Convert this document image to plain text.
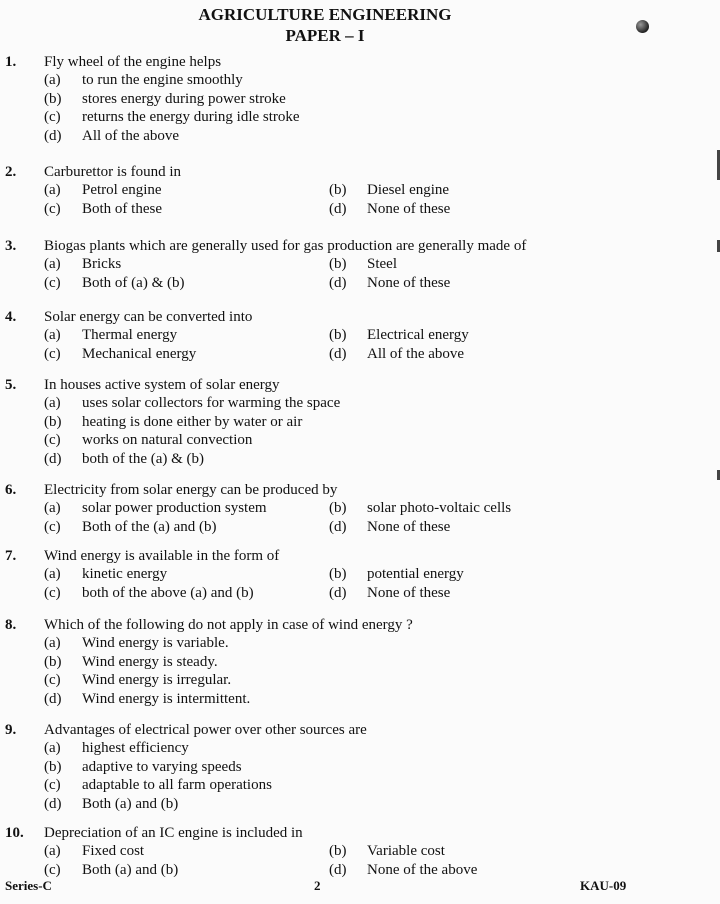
AGRICULTURE ENGINEERING
PAPER – I
1. Fly wheel of the engine helps
(a) to run the engine smoothly
(b) stores energy during power stroke
(c) returns the energy during idle stroke
(d) All of the above
2. Carburettor is found in
(a) Petrol engine	(b) Diesel engine
(c) Both of these	(d) None of these
3. Biogas plants which are generally used for gas production are generally made of
(a) Bricks	(b) Steel
(c) Both of (a) & (b)	(d) None of these
4. Solar energy can be converted into
(a) Thermal energy	(b) Electrical energy
(c) Mechanical energy	(d) All of the above
5. In houses active system of solar energy
(a) uses solar collectors for warming the space
(b) heating is done either by water or air
(c) works on natural convection
(d) both of the (a) & (b)
6. Electricity from solar energy can be produced by
(a) solar power production system	(b) solar photo-voltaic cells
(c) Both of the (a) and (b)	(d) None of these
7. Wind energy is available in the form of
(a) kinetic energy	(b) potential energy
(c) both of the above (a) and (b)	(d) None of these
8. Which of the following do not apply in case of wind energy ?
(a) Wind energy is variable.
(b) Wind energy is steady.
(c) Wind energy is irregular.
(d) Wind energy is intermittent.
9. Advantages of electrical power over other sources are
(a) highest efficiency
(b) adaptive to varying speeds
(c) adaptable to all farm operations
(d) Both (a) and (b)
10. Depreciation of an IC engine is included in
(a) Fixed cost	(b) Variable cost
(c) Both (a) and (b)	(d) None of the above
Series-C	2	KAU-09
